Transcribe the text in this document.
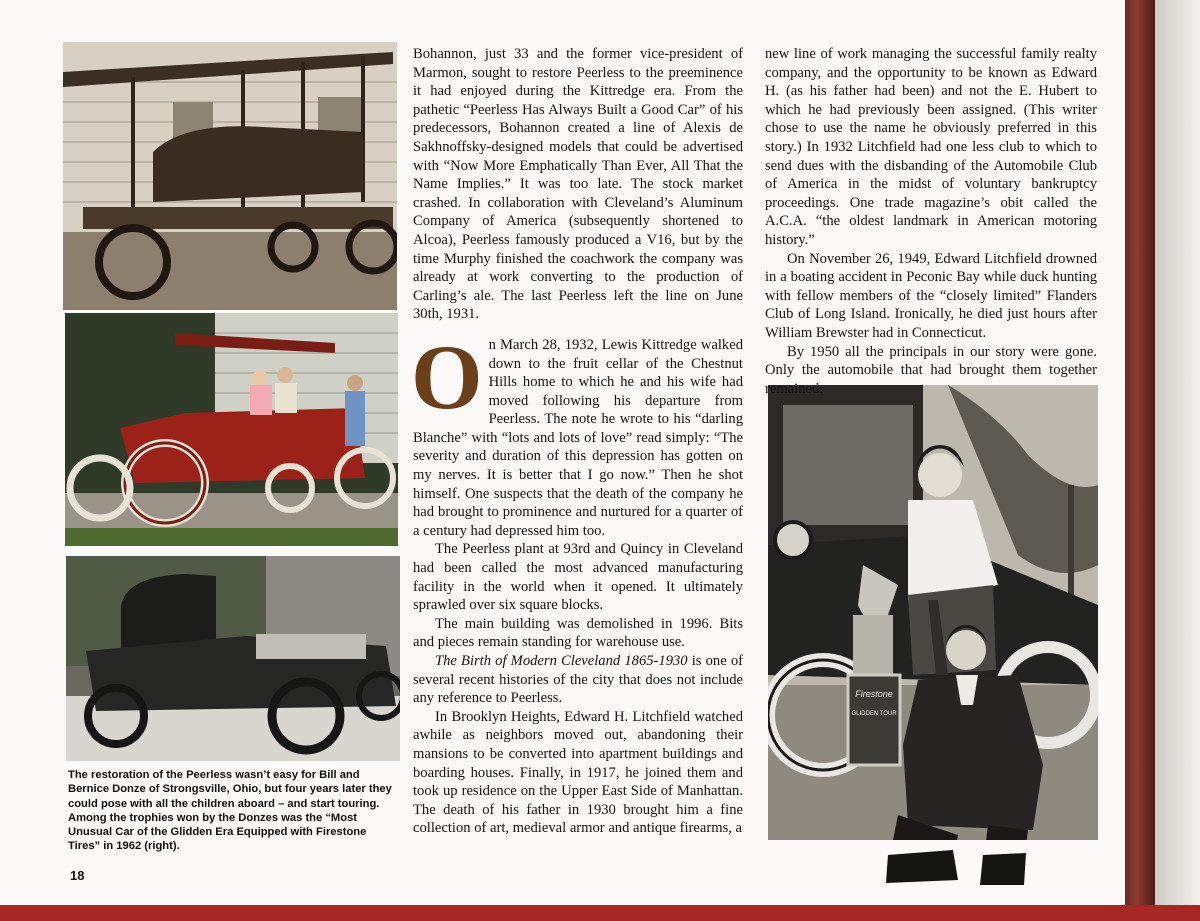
Firestone
GLIDDEN TOUR

Bohannon, just 33 and the former vice-president of Marmon, sought to restore Peerless to the preeminence it had enjoyed during the Kittredge era. From the pathetic “Peerless Has Always Built a Good Car” of his predecessors, Bohannon created a line of Alexis de Sakhnoffsky-designed models that could be advertised with “Now More Emphatically Than Ever, All That the Name Implies.” It was too late. The stock market crashed. In collaboration with Cleveland’s Aluminum Company of America (subsequently shortened to Alcoa), Peerless famously produced a V16, but by the time Murphy finished the coachwork the company was already at work converting to the production of Carling’s ale. The last Peerless left the line on June 30th, 1931.

On March 28, 1932, Lewis Kittredge walked down to the fruit cellar of the Chestnut Hills home to which he and his wife had moved following his departure from Peerless. The note he wrote to his “darling Blanche” with “lots and lots of love” read simply: “The severity and duration of this depression has gotten on my nerves. It is better that I go now.” Then he shot himself. One suspects that the death of the company he had brought to prominence and nurtured for a quarter of a century had depressed him too.

The Peerless plant at 93rd and Quincy in Cleveland had been called the most advanced manufacturing facility in the world when it opened. It ultimately sprawled over six square blocks.

The main building was demolished in 1996. Bits and pieces remain standing for warehouse use.

The Birth of Modern Cleveland 1865-1930 is one of several recent histories of the city that does not include any reference to Peerless.

In Brooklyn Heights, Edward H. Litchfield watched awhile as neighbors moved out, abandoning their mansions to be converted into apartment buildings and boarding houses. Finally, in 1917, he joined them and took up residence on the Upper East Side of Manhattan. The death of his father in 1930 brought him a fine collection of art, medieval armor and antique firearms, a

new line of work managing the successful family realty company, and the opportunity to be known as Edward H. (as his father had been) and not the E. Hubert to which he had previously been assigned. (This writer chose to use the name he obviously preferred in this story.) In 1932 Litchfield had one less club to which to send dues with the disbanding of the Automobile Club of America in the midst of voluntary bankruptcy proceedings. One trade magazine’s obit called the A.C.A. “the oldest landmark in American motoring history.”

On November 26, 1949, Edward Litchfield drowned in a boating accident in Peconic Bay while duck hunting with fellow members of the “closely limited” Flanders Club of Long Island. Ironically, he died just hours after William Brewster had in Connecticut.

By 1950 all the principals in our story were gone. Only the automobile that had brought them together remained.

The restoration of the Peerless wasn’t easy for Bill and Bernice Donze of Strongsville, Ohio, but four years later they could pose with all the children aboard – and start touring. Among the trophies won by the Donzes was the “Most Unusual Car of the Glidden Era Equipped with Firestone Tires” in 1962 (right).
18
